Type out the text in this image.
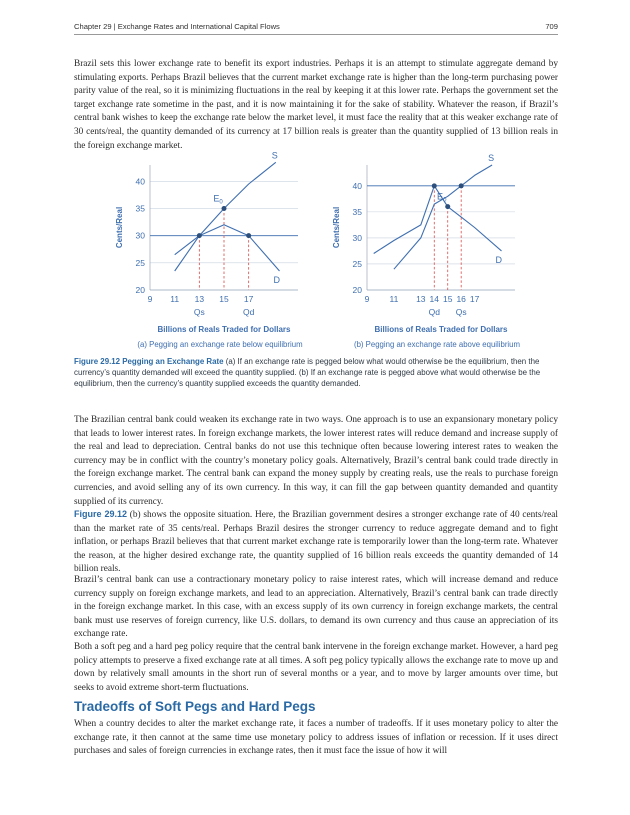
Chapter 29 | Exchange Rates and International Capital Flows	709

Brazil sets this lower exchange rate to benefit its export industries. Perhaps it is an attempt to stimulate aggregate demand by stimulating exports. Perhaps Brazil believes that the current market exchange rate is higher than the long-term purchasing power parity value of the real, so it is minimizing fluctuations in the real by keeping it at this lower rate. Perhaps the government set the target exchange rate sometime in the past, and it is now maintaining it for the sake of stability. Whatever the reason, if Brazil’s central bank wishes to keep the exchange rate below the market level, it must face the reality that at this weaker exchange rate of 30 cents/real, the quantity demanded of its currency at 17 billion reals is greater than the quantity supplied of 13 billion reals in the foreign exchange market.

20
25
30
35
40
9 11 13 15 17
Qs	Qd
Billions of Reals Traded for Dollars
Cents/Real
(a) Pegging an exchange rate below equilibrium
S
D
$E_0$
20
25
30
35
40
9 11 13 14 15 16 17
Qd Qs
Billions of Reals Traded for Dollars
Cents/Real
(b) Pegging an exchange rate above equilibrium
S
D
$E_0$

Figure 29.12 Pegging an Exchange Rate (a) If an exchange rate is pegged below what would otherwise be the equilibrium, then the currency’s quantity demanded will exceed the quantity supplied. (b) If an exchange rate is pegged above what would otherwise be the equilibrium, then the currency’s quantity supplied exceeds the quantity demanded.

The Brazilian central bank could weaken its exchange rate in two ways. One approach is to use an expansionary monetary policy that leads to lower interest rates. In foreign exchange markets, the lower interest rates will reduce demand and increase supply of the real and lead to depreciation. Central banks do not use this technique often because lowering interest rates to weaken the currency may be in conflict with the country’s monetary policy goals. Alternatively, Brazil’s central bank could trade directly in the foreign exchange market. The central bank can expand the money supply by creating reals, use the reals to purchase foreign currencies, and avoid selling any of its own currency. In this way, it can fill the gap between quantity demanded and quantity supplied of its currency.

Figure 29.12 (b) shows the opposite situation. Here, the Brazilian government desires a stronger exchange rate of 40 cents/real than the market rate of 35 cents/real. Perhaps Brazil desires the stronger currency to reduce aggregate demand and to fight inflation, or perhaps Brazil believes that that current market exchange rate is temporarily lower than the long-term rate. Whatever the reason, at the higher desired exchange rate, the quantity supplied of 16 billion reals exceeds the quantity demanded of 14 billion reals.

Brazil’s central bank can use a contractionary monetary policy to raise interest rates, which will increase demand and reduce currency supply on foreign exchange markets, and lead to an appreciation. Alternatively, Brazil’s central bank can trade directly in the foreign exchange market. In this case, with an excess supply of its own currency in foreign exchange markets, the central bank must use reserves of foreign currency, like U.S. dollars, to demand its own currency and thus cause an appreciation of its exchange rate.

Both a soft peg and a hard peg policy require that the central bank intervene in the foreign exchange market. However, a hard peg policy attempts to preserve a fixed exchange rate at all times. A soft peg policy typically allows the exchange rate to move up and down by relatively small amounts in the short run of several months or a year, and to move by larger amounts over time, but seeks to avoid extreme short-term fluctuations.

Tradeoffs of Soft Pegs and Hard Pegs

When a country decides to alter the market exchange rate, it faces a number of tradeoffs. If it uses monetary policy to alter the exchange rate, it then cannot at the same time use monetary policy to address issues of inflation or recession. If it uses direct purchases and sales of foreign currencies in exchange rates, then it must face the issue of how it will
